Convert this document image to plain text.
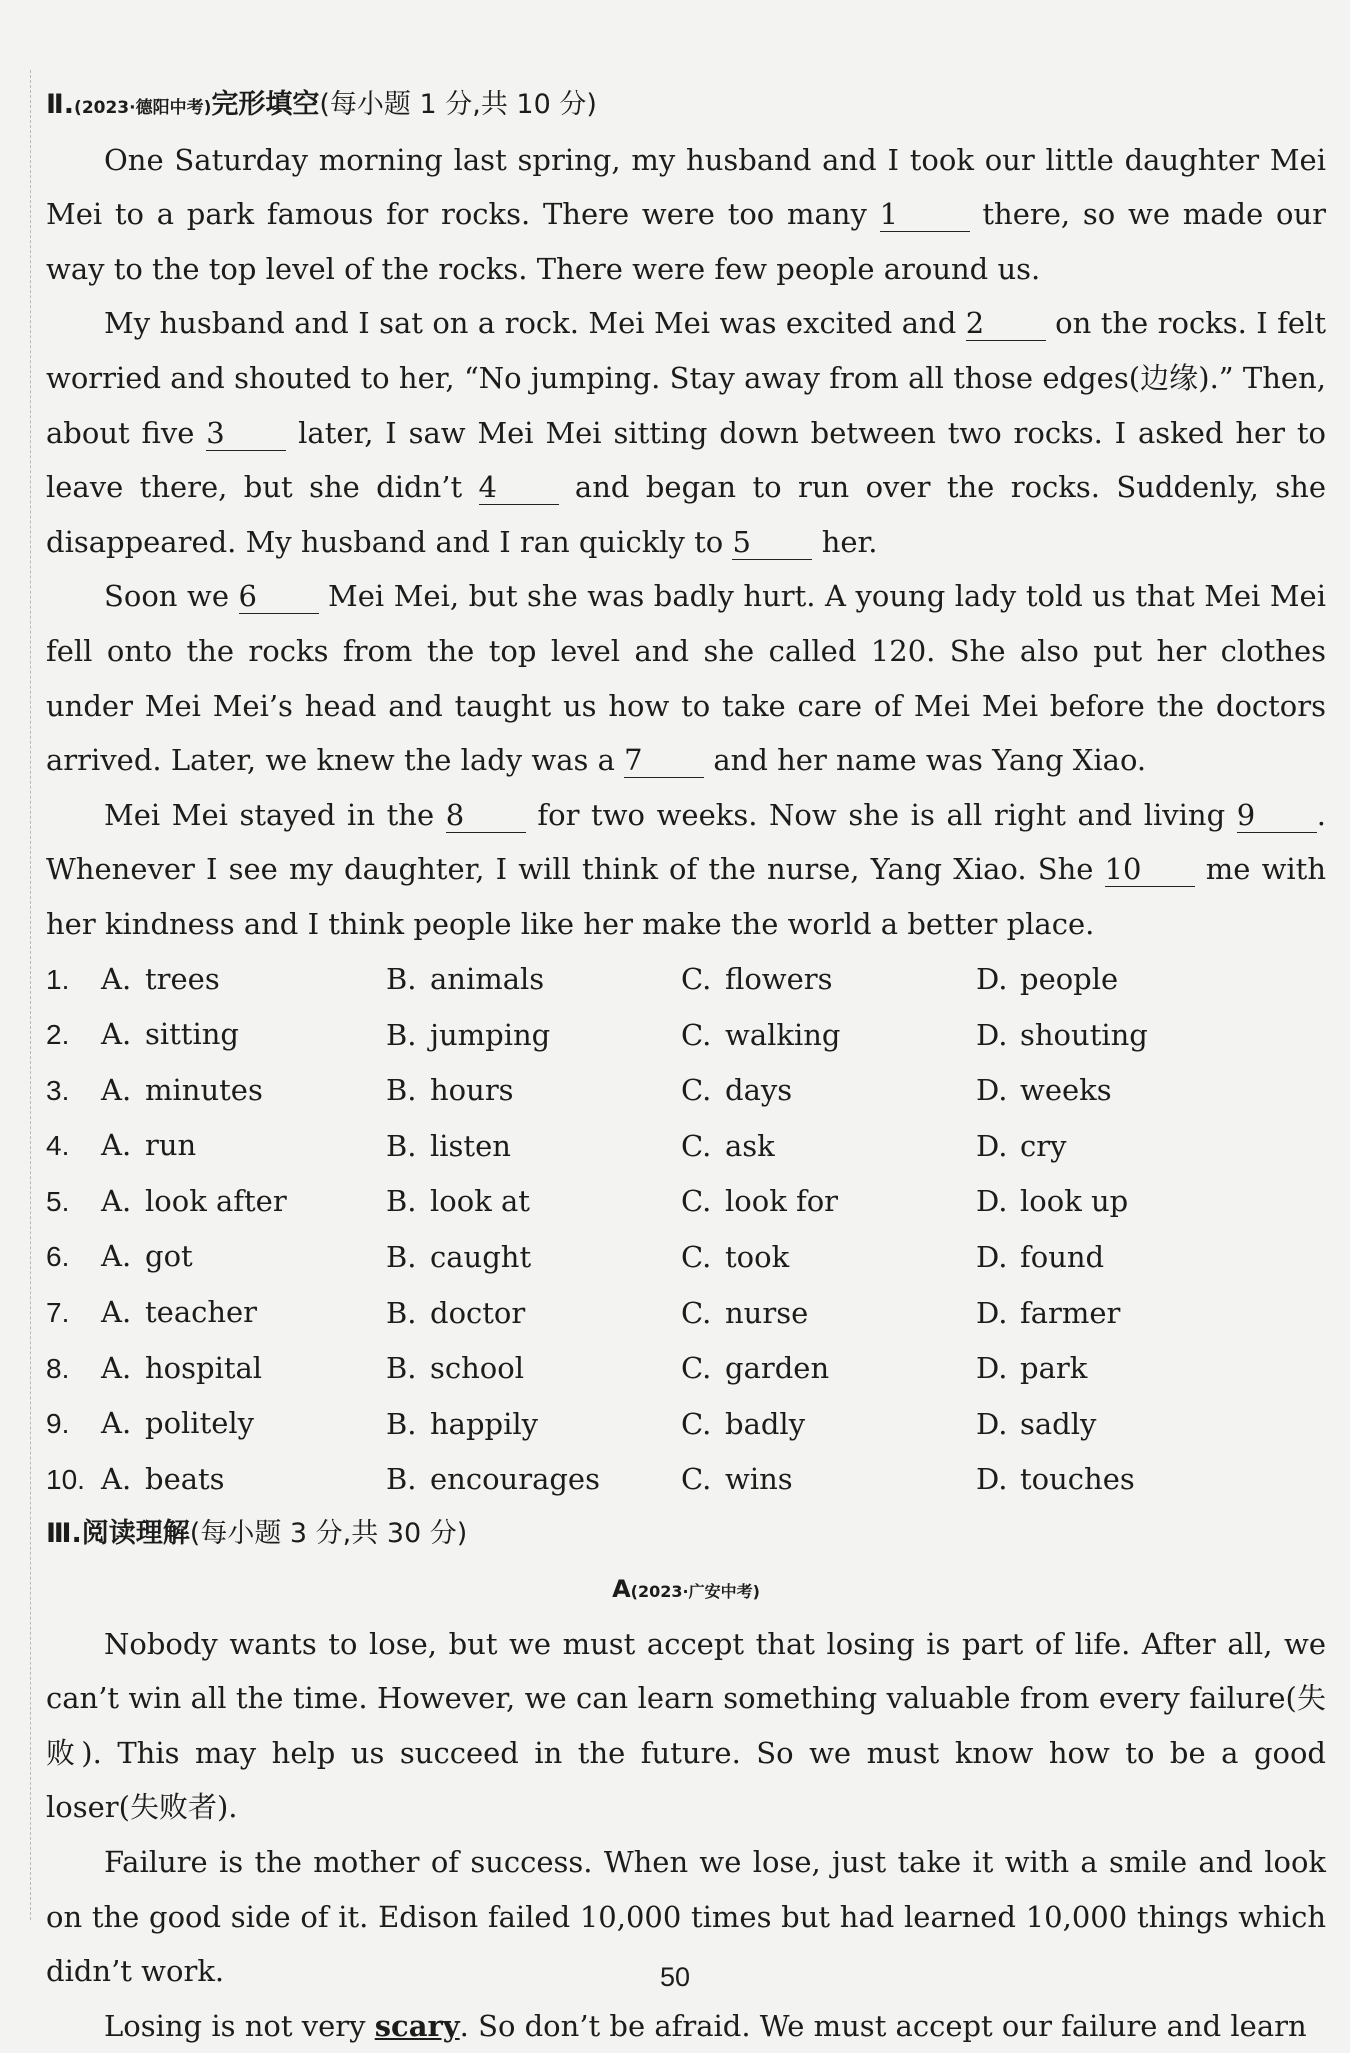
Ⅱ.(2023·德阳中考)完形填空(每小题 1 分,共 10 分)

One Saturday morning last spring, my husband and I took our little daughter Mei Mei to a park famous for rocks. There were too many 1 there, so we made our way to the top level of the rocks. There were few people around us.

My husband and I sat on a rock. Mei Mei was excited and 2 on the rocks. I felt worried and shouted to her, “No jumping. Stay away from all those edges(边缘).” Then, about five 3 later, I saw Mei Mei sitting down between two rocks. I asked her to leave there, but she didn’t 4 and began to run over the rocks. Suddenly, she disappeared. My husband and I ran quickly to 5 her.

Soon we 6 Mei Mei, but she was badly hurt. A young lady told us that Mei Mei fell onto the rocks from the top level and she called 120. She also put her clothes under Mei Mei’s head and taught us how to take care of Mei Mei before the doctors arrived. Later, we knew the lady was a 7 and her name was Yang Xiao.

Mei Mei stayed in the 8 for two weeks. Now she is all right and living 9 . Whenever I see my daughter, I will think of the nurse, Yang Xiao. She 10 me with her kindness and I think people like her make the world a better place.

1. A. trees	B. animals	C. flowers	D. people
2. A. sitting	B. jumping	C. walking	D. shouting
3. A. minutes	B. hours	C. days	D. weeks
4. A. run	B. listen	C. ask	D. cry
5. A. look after	B. look at	C. look for	D. look up
6. A. got	B. caught	C. took	D. found
7. A. teacher	B. doctor	C. nurse	D. farmer
8. A. hospital	B. school	C. garden	D. park
9. A. politely	B. happily	C. badly	D. sadly
10. A. beats	B. encourages	C. wins	D. touches
Ⅲ.阅读理解(每小题 3 分,共 30 分)
A(2023·广安中考)

Nobody wants to lose, but we must accept that losing is part of life. After all, we can’t win all the time. However, we can learn something valuable from every failure(失败). This may help us succeed in the future. So we must know how to be a good loser(失败者).

Failure is the mother of success. When we lose, just take it with a smile and look on the good side of it. Edison failed 10,000 times but had learned 10,000 things which didn’t work.

Losing is not very scary. So don’t be afraid. We must accept our failure and learn

50
